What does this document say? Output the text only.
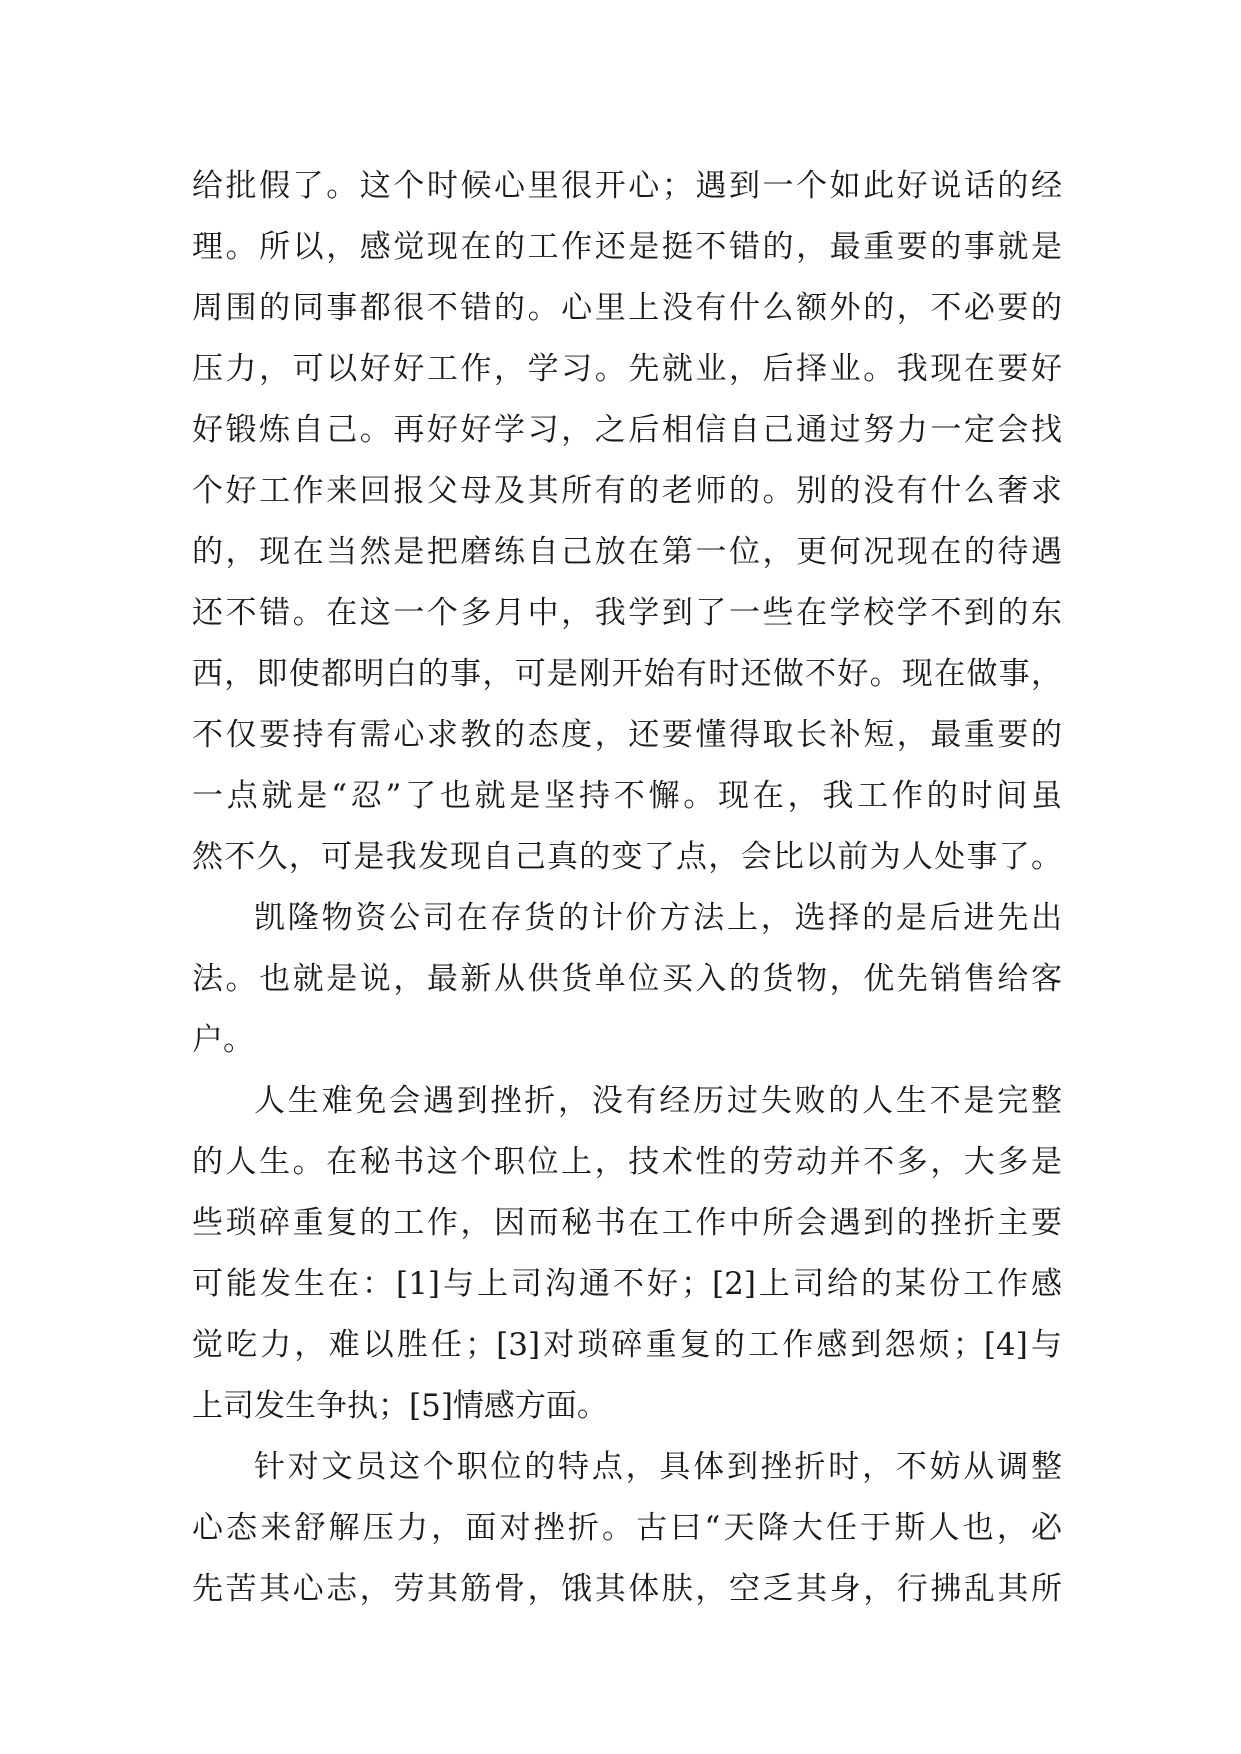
给批假了。这个时候心里很开心；遇到一个如此好说话的经
理。所以，感觉现在的工作还是挺不错的，最重要的事就是
周围的同事都很不错的。心里上没有什么额外的，不必要的
压力，可以好好工作，学习。先就业，后择业。我现在要好
好锻炼自己。再好好学习，之后相信自己通过努力一定会找
个好工作来回报父母及其所有的老师的。别的没有什么奢求
的，现在当然是把磨练自己放在第一位，更何况现在的待遇
还不错。在这一个多月中，我学到了一些在学校学不到的东
西，即使都明白的事，可是刚开始有时还做不好。现在做事，
不仅要持有需心求教的态度，还要懂得取长补短，最重要的
一点就是“忍”了也就是坚持不懈。现在，我工作的时间虽
然不久，可是我发现自己真的变了点，会比以前为人处事了。
凯隆物资公司在存货的计价方法上，选择的是后进先出
法。也就是说，最新从供货单位买入的货物，优先销售给客
户。
人生难免会遇到挫折，没有经历过失败的人生不是完整
的人生。在秘书这个职位上，技术性的劳动并不多，大多是
些琐碎重复的工作，因而秘书在工作中所会遇到的挫折主要
可能发生在：[1]与上司沟通不好；[2]上司给的某份工作感
觉吃力，难以胜任；[3]对琐碎重复的工作感到怨烦；[4]与
上司发生争执；[5]情感方面。
针对文员这个职位的特点，具体到挫折时，不妨从调整
心态来舒解压力，面对挫折。古曰“天降大任于斯人也，必
先苦其心志，劳其筋骨，饿其体肤，空乏其身，行拂乱其所
